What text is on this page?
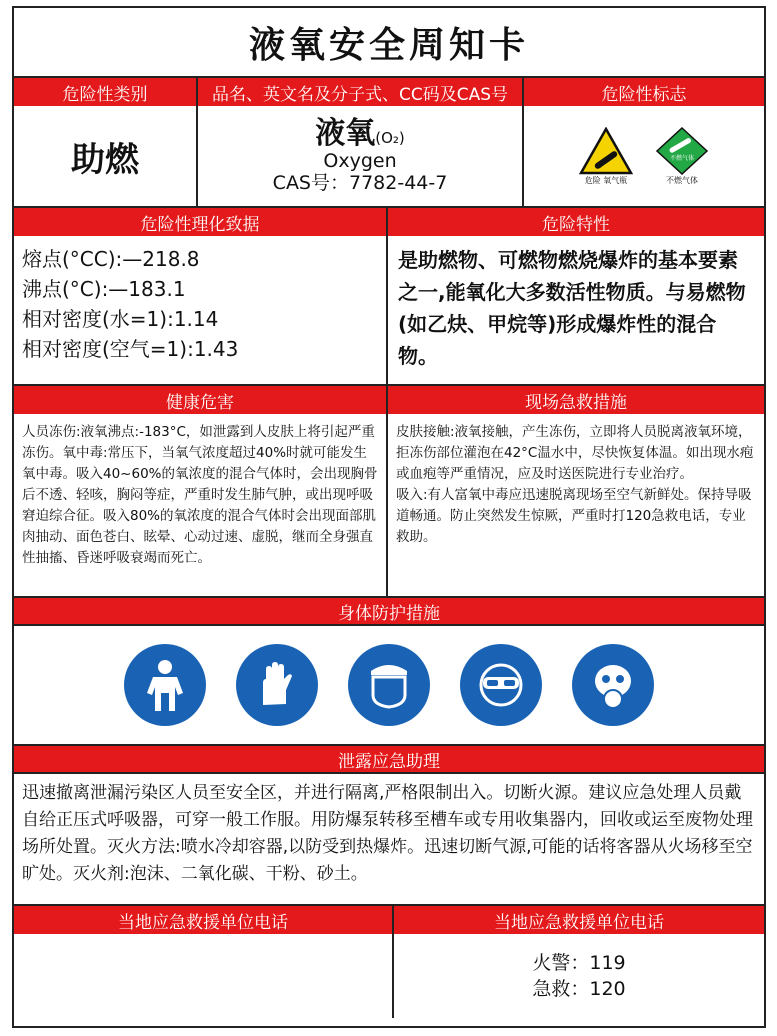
液氧安全周知卡
危险性类别
助燃
品名、英文名及分子式、CC码及CAS号
液氧(O₂)
Oxygen
CAS号：7782-44-7
危险性标志
危险 氧气瓶
不燃气体
不燃气体
危险性理化致据
熔点(°CC):—218.8
沸点(°C):—183.1
相对密度(水=1):1.14
相对密度(空气=1):1.43
危险特性
是助燃物、可燃物燃烧爆炸的基本要素之一,能氧化大多数活性物质。与易燃物(如乙炔、甲烷等)形成爆炸性的混合物。
健康危害
人员冻伤:液氧沸点:-183°C，如泄露到人皮肤上将引起严重冻伤。氧中毒:常压下，当氧气浓度超过40%时就可能发生氧中毒。吸入40~60%的氧浓度的混合气体时，会出现胸骨后不透、轻咳，胸闷等症，严重时发生肺气肿，或出现呼吸窘迫综合征。吸入80%的氧浓度的混合气体时会出现面部肌肉抽动、面色苍白、眩晕、心动过速、虚脱，继而全身强直性抽搐、昏迷呼吸衰竭而死亡。
现场急救措施
皮肤接触:液氧接触，产生冻伤，立即将人员脱离液氧环境，拒冻伤部位灌泡在42°C温水中，尽快恢复体温。如出现水疱或血疱等严重情况，应及时送医院进行专业治疗。
吸入:有人富氧中毒应迅速脱离现场至空气新鲜处。保持导吸道畅通。防止突然发生惊厥，严重时打120急救电话，专业救助。
身体防护措施
泄露应急助理
迅速撤离泄漏污染区人员至安全区，并进行隔离,严格限制出入。切断火源。建议应急处理人员戴自给正压式呼吸器，可穿一般工作服。用防爆泵转移至槽车或专用收集器内，回收或运至废物处理场所处置。灭火方法:喷水冷却容器,以防受到热爆炸。迅速切断气源,可能的话将客器从火场移至空旷处。灭火剂:泡沫、二氧化碳、干粉、砂土。
当地应急救援单位电话	当地应急救援单位电话
火警：119
急救：120
